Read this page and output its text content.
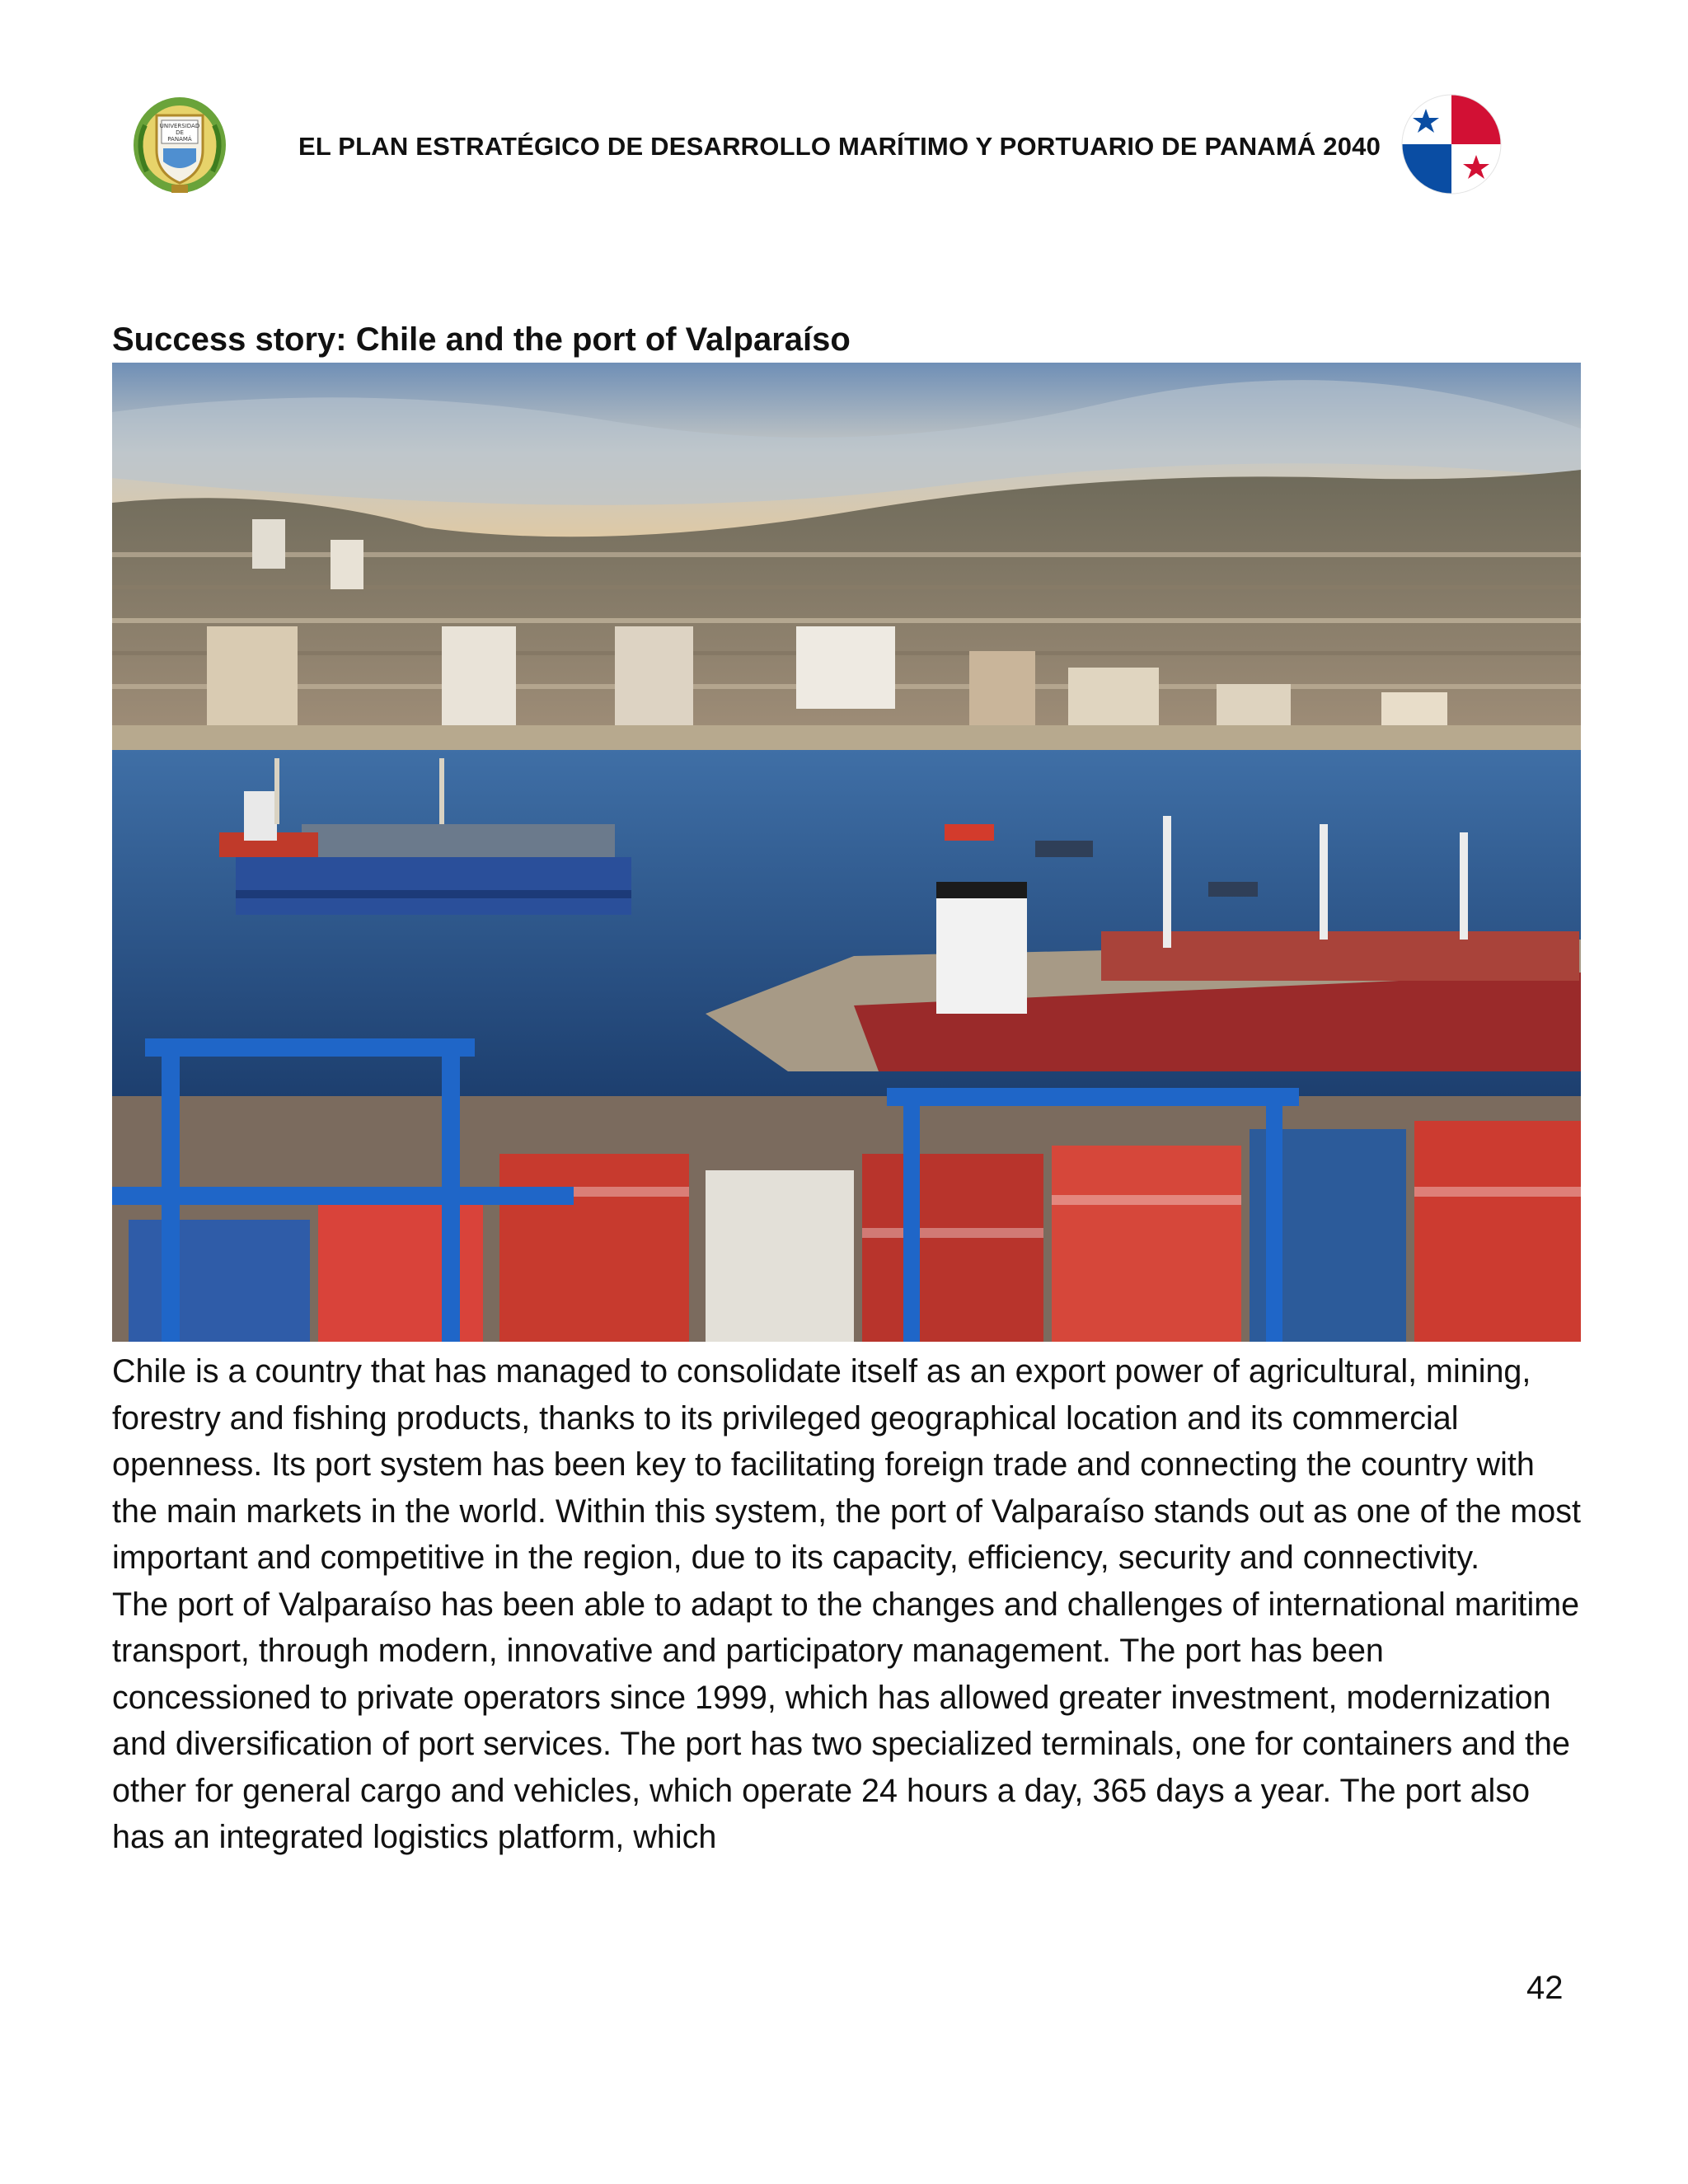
UNIVERSIDAD
DE
PANAMÁ	EL PLAN ESTRATÉGICO DE DESARROLLO MARÍTIMO Y PORTUARIO DE PANAMÁ 2040
Success story: Chile and the port of Valparaíso

Chile is a country that has managed to consolidate itself as an export power of agricultural, mining, forestry and fishing products, thanks to its privileged geographical location and its commercial openness. Its port system has been key to facilitating foreign trade and connecting the country with the main markets in the world. Within this system, the port of Valparaíso stands out as one of the most important and competitive in the region, due to its capacity, efficiency, security and connectivity.

The port of Valparaíso has been able to adapt to the changes and challenges of international maritime transport, through modern, innovative and participatory management. The port has been concessioned to private operators since 1999, which has allowed greater investment, modernization and diversification of port services. The port has two specialized terminals, one for containers and the other for general cargo and vehicles, which operate 24 hours a day, 365 days a year. The port also has an integrated logistics platform, which

42
